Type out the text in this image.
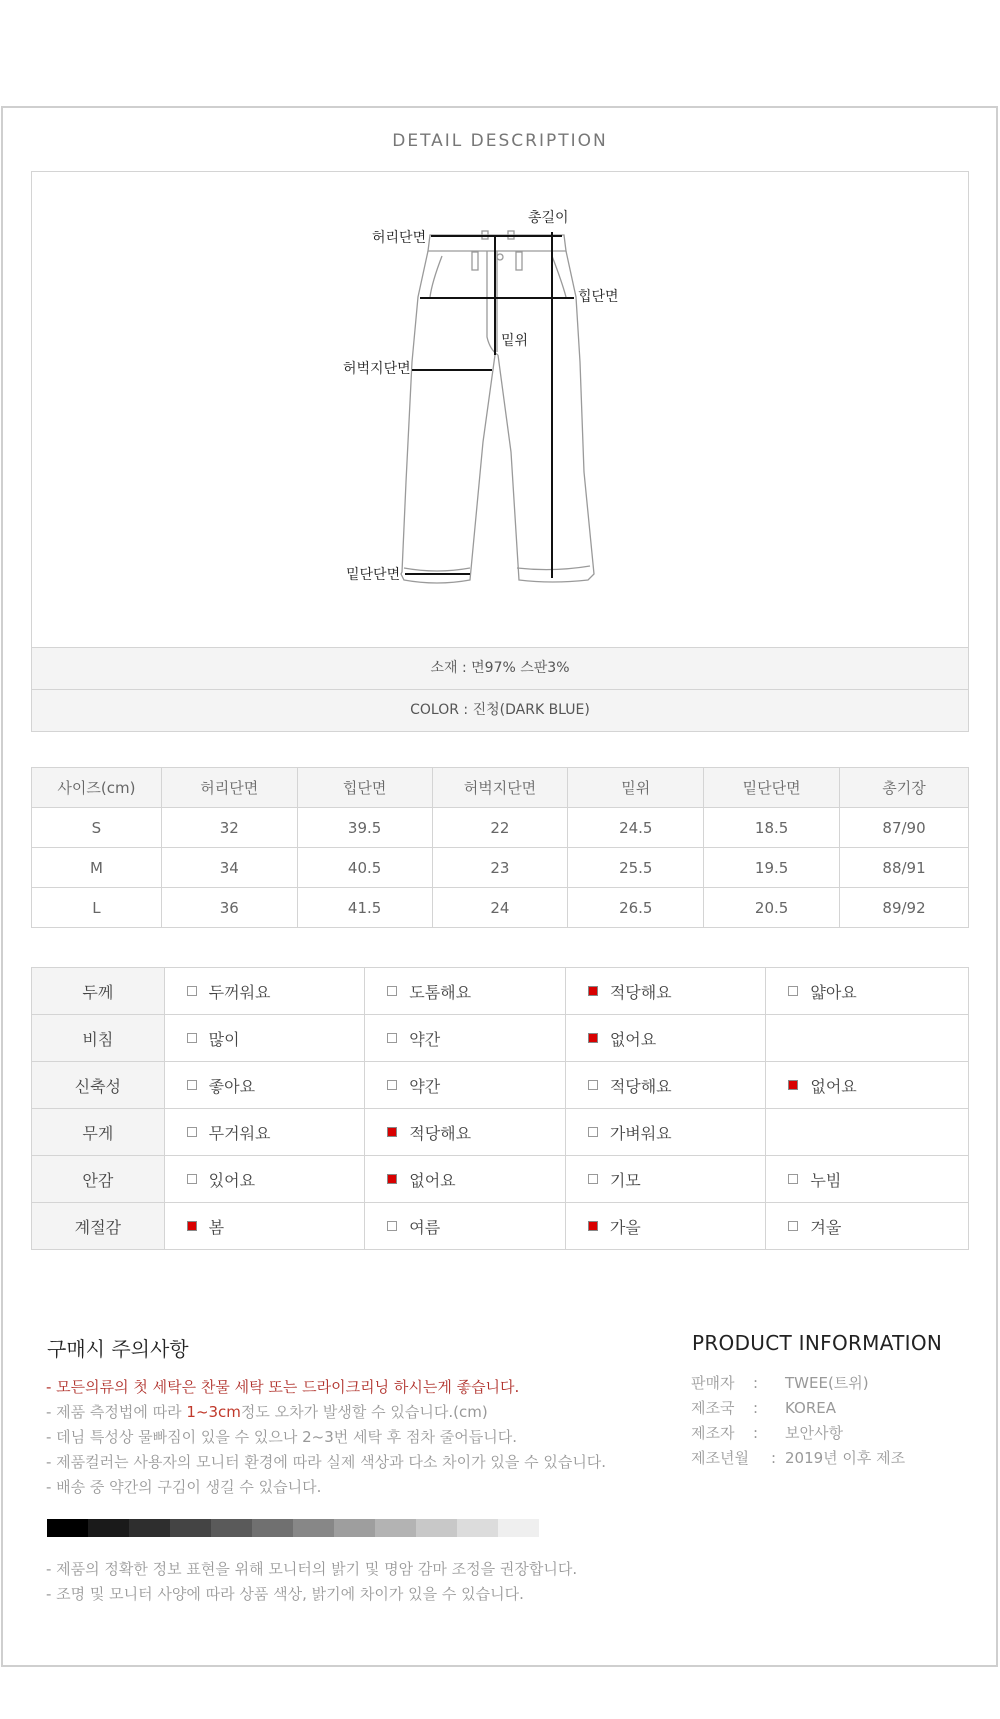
DETAIL DESCRIPTION
총길이
허리단면
힙단면
밑위
허벅지단면
밑단단면
소재 : 면97% 스판3%
COLOR : 진청(DARK BLUE)
사이즈(cm)	허리단면	힙단면	허벅지단면	밑위	밑단단면	총기장
S	32	39.5	22	24.5	18.5	87/90
M	34	40.5	23	25.5	19.5	88/91
L	36	41.5	24	26.5	20.5	89/92
두께	두꺼워요	도톰해요	적당해요	얇아요

비침	많이	약간	없어요	

신축성	좋아요	약간	적당해요	없어요

무게	무거워요	적당해요	가벼워요	

안감	있어요	없어요	기모	누빔

계절감	봄	여름	가을	겨울
구매시 주의사항
- 모든의류의 첫 세탁은 찬물 세탁 또는 드라이크리닝 하시는게 좋습니다.
- 제품 측정법에 따라 1~3cm정도 오차가 발생할 수 있습니다.(cm)
- 데님 특성상 물빠짐이 있을 수 있으나 2~3번 세탁 후 점차 줄어듭니다.
- 제품컬러는 사용자의 모니터 환경에 따라 실제 색상과 다소 차이가 있을 수 있습니다.
- 배송 중 약간의 구김이 생길 수 있습니다.
- 제품의 정확한 정보 표현을 위해 모니터의 밝기 및 명암 감마 조정을 권장합니다.
- 조명 및 모니터 사양에 따라 상품 색상, 밝기에 차이가 있을 수 있습니다.
PRODUCT INFORMATION
판매자	:	TWEE(트위)
제조국	:	KOREA
제조자	:	보안사항
제조년월	: 2019년 이후 제조
